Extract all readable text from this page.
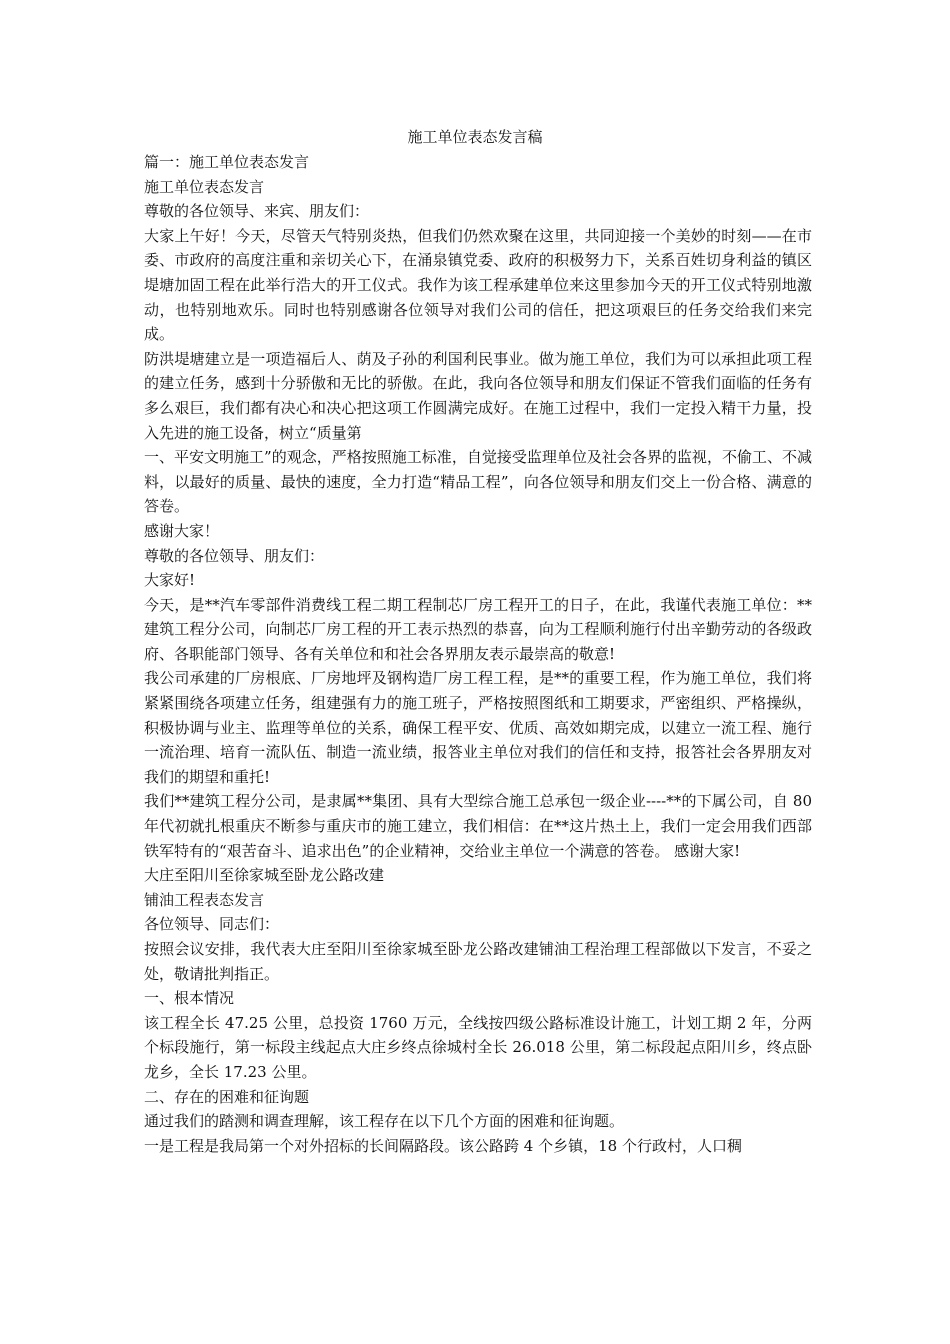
施工单位表态发言稿

篇一：施工单位表态发言

施工单位表态发言

尊敬的各位领导、来宾、朋友们：

大家上午好！今天，尽管天气特别炎热，但我们仍然欢聚在这里，共同迎接一个美妙的时刻——在市委、市政府的高度注重和亲切关心下，在涌泉镇党委、政府的积极努力下，关系百姓切身利益的镇区堤塘加固工程在此举行浩大的开工仪式。我作为该工程承建单位来这里参加今天的开工仪式特别地激动，也特别地欢乐。同时也特别感谢各位领导对我们公司的信任，把这项艰巨的任务交给我们来完成。

防洪堤塘建立是一项造福后人、荫及子孙的利国利民事业。做为施工单位，我们为可以承担此项工程的建立任务，感到十分骄傲和无比的骄傲。在此，我向各位领导和朋友们保证不管我们面临的任务有多么艰巨，我们都有决心和决心把这项工作圆满完成好。在施工过程中，我们一定投入精干力量，投入先进的施工设备，树立“质量第

一、平安文明施工”的观念，严格按照施工标准，自觉接受监理单位及社会各界的监视，不偷工、不减料，以最好的质量、最快的速度，全力打造“精品工程”，向各位领导和朋友们交上一份合格、满意的答卷。

感谢大家！

尊敬的各位领导、朋友们：

大家好!

今天，是**汽车零部件消费线工程二期工程制芯厂房工程开工的日子，在此，我谨代表施工单位：**建筑工程分公司，向制芯厂房工程的开工表示热烈的恭喜，向为工程顺利施行付出辛勤劳动的各级政府、各职能部门领导、各有关单位和和社会各界朋友表示最崇高的敬意!

我公司承建的厂房根底、厂房地坪及钢构造厂房工程工程，是**的重要工程，作为施工单位，我们将紧紧围绕各项建立任务，组建强有力的施工班子，严格按照图纸和工期要求，严密组织、严格操纵，积极协调与业主、监理等单位的关系，确保工程平安、优质、高效如期完成，以建立一流工程、施行一流治理、培育一流队伍、制造一流业绩，报答业主单位对我们的信任和支持，报答社会各界朋友对我们的期望和重托!

我们**建筑工程分公司，是隶属**集团、具有大型综合施工总承包一级企业----**的下属公司，自 80 年代初就扎根重庆不断参与重庆市的施工建立，我们相信：在**这片热土上，我们一定会用我们西部铁军特有的“艰苦奋斗、追求出色”的企业精神，交给业主单位一个满意的答卷。 感谢大家!

大庄至阳川至徐家城至卧龙公路改建

铺油工程表态发言

各位领导、同志们：

按照会议安排，我代表大庄至阳川至徐家城至卧龙公路改建铺油工程治理工程部做以下发言，不妥之处，敬请批判指正。

一、根本情况

该工程全长 47.25 公里，总投资 1760 万元，全线按四级公路标准设计施工，计划工期 2 年，分两个标段施行，第一标段主线起点大庄乡终点徐城村全长 26.018 公里，第二标段起点阳川乡，终点卧龙乡，全长 17.23 公里。

二、存在的困难和征询题

通过我们的踏测和调查理解，该工程存在以下几个方面的困难和征询题。

一是工程是我局第一个对外招标的长间隔路段。该公路跨 4 个乡镇，18 个行政村，人口稠
